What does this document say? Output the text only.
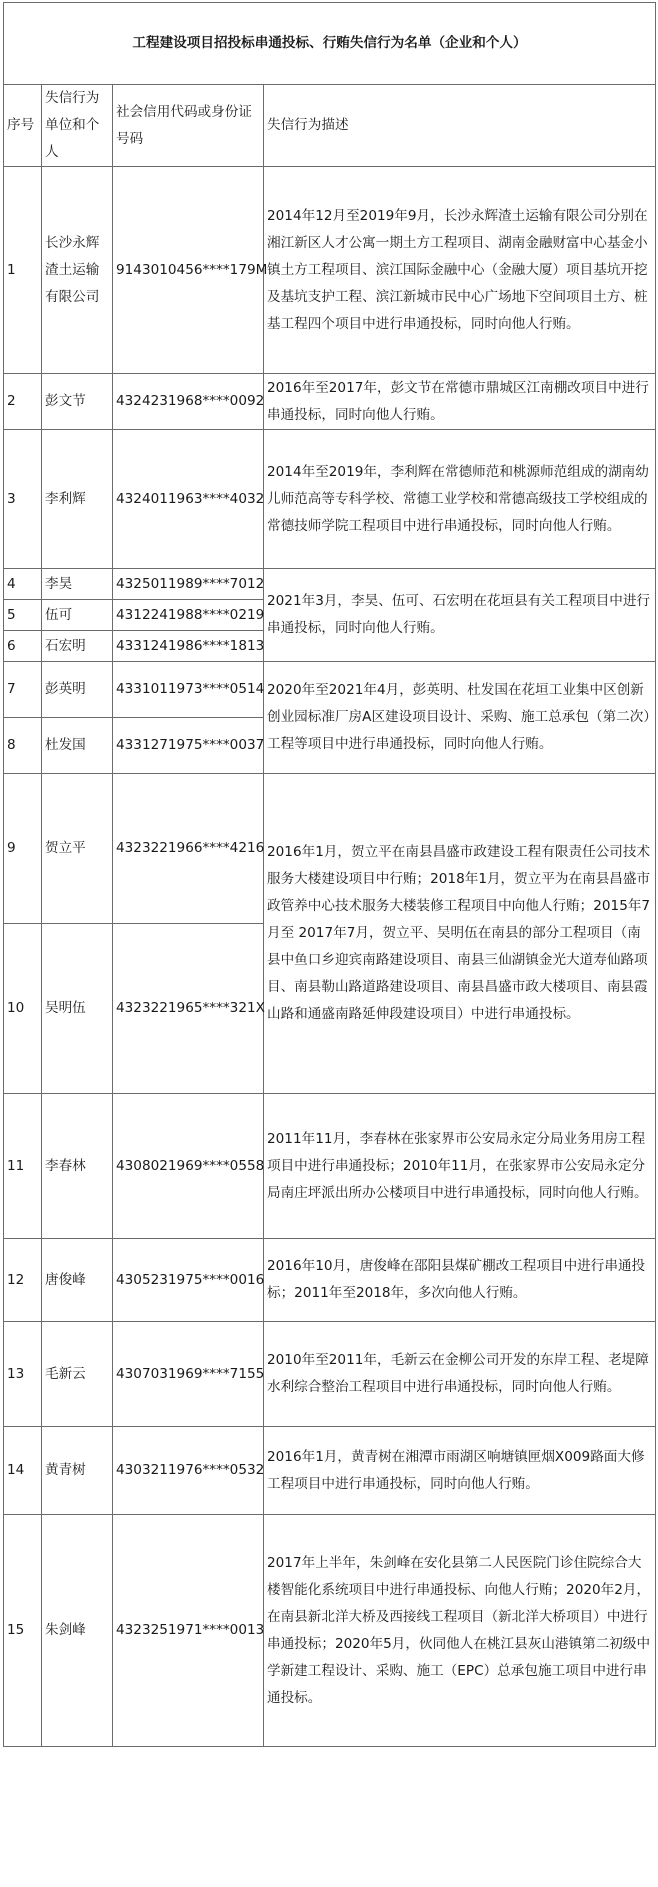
工程建设项目招投标串通投标、行贿失信行为名单（企业和个人）			
序号	失信行为单位和个人	社会信用代码或身份证号码	失信行为描述
1	长沙永辉渣土运输有限公司	9143010456****179M	2014年12月至2019年9月，长沙永辉渣土运输有限公司分别在湘江新区人才公寓一期土方工程项目、湖南金融财富中心基金小镇土方工程项目、滨江国际金融中心（金融大厦）项目基坑开挖及基坑支护工程、滨江新城市民中心广场地下空间项目土方、桩基工程四个项目中进行串通投标，同时向他人行贿。
2	彭文节	4324231968****0092	2016年至2017年，彭文节在常德市鼎城区江南棚改项目中进行串通投标，同时向他人行贿。
3	李利辉	4324011963****4032	2014年至2019年，李利辉在常德师范和桃源师范组成的湖南幼儿师范高等专科学校、常德工业学校和常德高级技工学校组成的常德技师学院工程项目中进行串通投标，同时向他人行贿。
4	李昊	4325011989****7012	2021年3月，李昊、伍可、石宏明在花垣县有关工程项目中进行串通投标，同时向他人行贿。
5	伍可	4312241988****0219	
6	石宏明	4331241986****1813	
7	彭英明	4331011973****0514	2020年至2021年4月，彭英明、杜发国在花垣工业集中区创新创业园标准厂房A区建设项目设计、采购、施工总承包（第二次）工程等项目中进行串通投标，同时向他人行贿。
8	杜发国	4331271975****0037	
9	贺立平	4323221966****4216	2016年1月，贺立平在南县昌盛市政建设工程有限责任公司技术服务大楼建设项目中行贿；2018年1月，贺立平为在南县昌盛市政管养中心技术服务大楼装修工程项目中向他人行贿；2015年7月至 2017年7月，贺立平、吴明伍在南县的部分工程项目（南县中鱼口乡迎宾南路建设项目、南县三仙湖镇金光大道寿仙路项目、南县勒山路道路建设项目、南县昌盛市政大楼项目、南县霞山路和通盛南路延伸段建设项目）中进行串通投标。
10	吴明伍	4323221965****321X	
11	李春林	4308021969****0558	2011年11月，李春林在张家界市公安局永定分局业务用房工程项目中进行串通投标；2010年11月，在张家界市公安局永定分局南庄坪派出所办公楼项目中进行串通投标，同时向他人行贿。
12	唐俊峰	4305231975****0016	2016年10月，唐俊峰在邵阳县煤矿棚改工程项目中进行串通投标；2011年至2018年，多次向他人行贿。
13	毛新云	4307031969****7155	2010年至2011年，毛新云在金柳公司开发的东岸工程、老堤障水利综合整治工程项目中进行串通投标，同时向他人行贿。
14	黄青树	4303211976****0532	2016年1月，黄青树在湘潭市雨湖区响塘镇匣烟X009路面大修工程项目中进行串通投标，同时向他人行贿。
15	朱剑峰	4323251971****0013	2017年上半年，朱剑峰在安化县第二人民医院门诊住院综合大楼智能化系统项目中进行串通投标、向他人行贿；2020年2月，在南县新北洋大桥及西接线工程项目（新北洋大桥项目）中进行串通投标；2020年5月，伙同他人在桃江县灰山港镇第二初级中学新建工程设计、采购、施工（EPC）总承包施工项目中进行串通投标。
